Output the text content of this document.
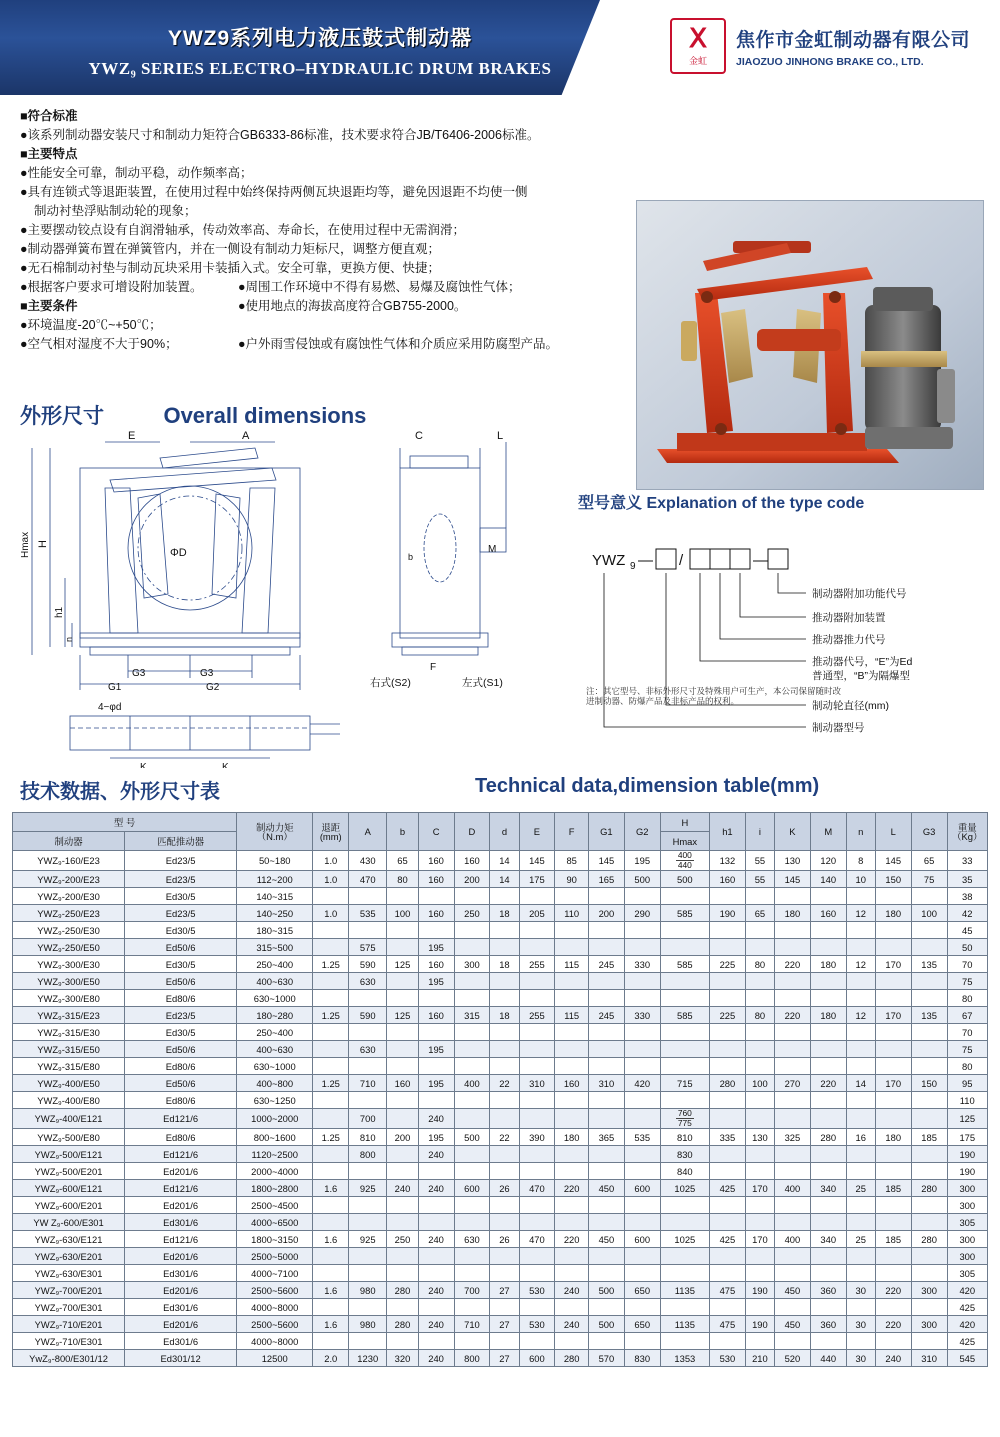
YWZ9系列电力液压鼓式制动器
YWZ₉ SERIES ELECTRO–HYDRAULIC DRUM BRAKES
Ⅹ
金虹
焦作市金虹制动器有限公司
JIAOZUO JINHONG BRAKE CO., LTD.
■符合标准
●该系列制动器安装尺寸和制动力矩符合GB6333-86标准，技术要求符合JB/T6406-2006标准。
■主要特点
●性能安全可靠，制动平稳，动作频率高；
●具有连锁式等退距装置，在使用过程中始终保持两侧瓦块退距均等，避免因退距不均使一侧
制动衬垫浮贴制动轮的现象；
●主要摆动铰点设有自润滑轴承，传动效率高、寿命长，在使用过程中无需润滑；
●制动器弹簧布置在弹簧管内，并在一侧设有制动力矩标尺，调整方便直观；
●无石棉制动衬垫与制动瓦块采用卡装插入式。安全可靠，更换方便、快捷；
●根据客户要求可增设附加装置。	●周围工作环境中不得有易燃、易爆及腐蚀性气体；
■主要条件	●使用地点的海拔高度符合GB755-2000。
●环境温度-20℃~+50℃；
●空气相对湿度不大于90%；	●户外雨雪侵蚀或有腐蚀性气体和介质应采用防腐型产品。
外形尺寸	Overall dimensions
E	A	C	L
H
Hmax
h1
n
ΦD
G3	G3
G1	G2
4−φd
K	K
F
M
b
右式(S2)	左式(S1)
型号意义 Explanation of the type code
YWZ 9 — /	—
制动器附加功能代号
推动器附加装置
推动器推力代号
推动器代号，“E”为Ed
普通型，“B”为隔爆型
制动轮直径(mm)
制动器型号
注：其它型号、非标外形尺寸及特殊用户可生产，本公司保留随时改进制动器、防爆产品及非标产品的权利。
技术数据、外形尺寸表	Technical data,dimension table(mm)
型 号		制动力矩
（N.m）	退距
(mm)	A	b	C	D	d	E	F	G1	G2	H	h1	i	K	M	n	L	G3	重量
（Kg）

制动器	匹配推动器												Hmax								
YWZ₉-160/E23	Ed23/5	50~180	1.0	430	65	160	160	14	145	85	145	195	$\frac{400}{440}$	132	55	130	120	8	145	65	33
YWZ₉-200/E23	Ed23/5	112~200	1.0	470	80	160	200	14	175	90	165	500	500	160	55	145	140	10	150	75	35
YWZ₉-200/E30	Ed30/5	140~315																			38
YWZ₉-250/E23	Ed23/5	140~250	1.0	535	100	160	250	18	205	110	200	290	585	190	65	180	160	12	180	100	42
YWZ₉-250/E30	Ed30/5	180~315																			45
YWZ₉-250/E50	Ed50/6	315~500		575		195															50
YWZ₉-300/E30	Ed30/5	250~400	1.25	590	125	160	300	18	255	115	245	330	585	225	80	220	180	12	170	135	70
YWZ₉-300/E50	Ed50/6	400~630		630		195															75
YWZ₉-300/E80	Ed80/6	630~1000																			80
YWZ₉-315/E23	Ed23/5	180~280	1.25	590	125	160	315	18	255	115	245	330	585	225	80	220	180	12	170	135	67
YWZ₉-315/E30	Ed30/5	250~400																			70
YWZ₉-315/E50	Ed50/6	400~630		630		195															75
YWZ₉-315/E80	Ed80/6	630~1000																			80
YWZ₉-400/E50	Ed50/6	400~800	1.25	710	160	195	400	22	310	160	310	420	715	280	100	270	220	14	170	150	95
YWZ₉-400/E80	Ed80/6	630~1250																			110
YWZ₉-400/E121	Ed121/6	1000~2000		700		240							$\frac{760}{775}$								125
YWZ₉-500/E80	Ed80/6	800~1600	1.25	810	200	195	500	22	390	180	365	535	810	335	130	325	280	16	180	185	175
YWZ₉-500/E121	Ed121/6	1120~2500		800		240							830								190
YWZ₉-500/E201	Ed201/6	2000~4000											840								190
YWZ₉-600/E121	Ed121/6	1800~2800	1.6	925	240	240	600	26	470	220	450	600	1025	425	170	400	340	25	185	280	300
YWZ₉-600/E201	Ed201/6	2500~4500																			300
YW Z₉-600/E301	Ed301/6	4000~6500																			305
YWZ₉-630/E121	Ed121/6	1800~3150	1.6	925	250	240	630	26	470	220	450	600	1025	425	170	400	340	25	185	280	300
YWZ₉-630/E201	Ed201/6	2500~5000																			300
YWZ₉-630/E301	Ed301/6	4000~7100																			305
YWZ₉-700/E201	Ed201/6	2500~5600	1.6	980	280	240	700	27	530	240	500	650	1135	475	190	450	360	30	220	300	420
YWZ₉-700/E301	Ed301/6	4000~8000																			425
YWZ₉-710/E201	Ed201/6	2500~5600	1.6	980	280	240	710	27	530	240	500	650	1135	475	190	450	360	30	220	300	420
YWZ₉-710/E301	Ed301/6	4000~8000																			425
YwZ₉-800/E301/12	Ed301/12	12500	2.0	1230	320	240	800	27	600	280	570	830	1353	530	210	520	440	30	240	310	545
